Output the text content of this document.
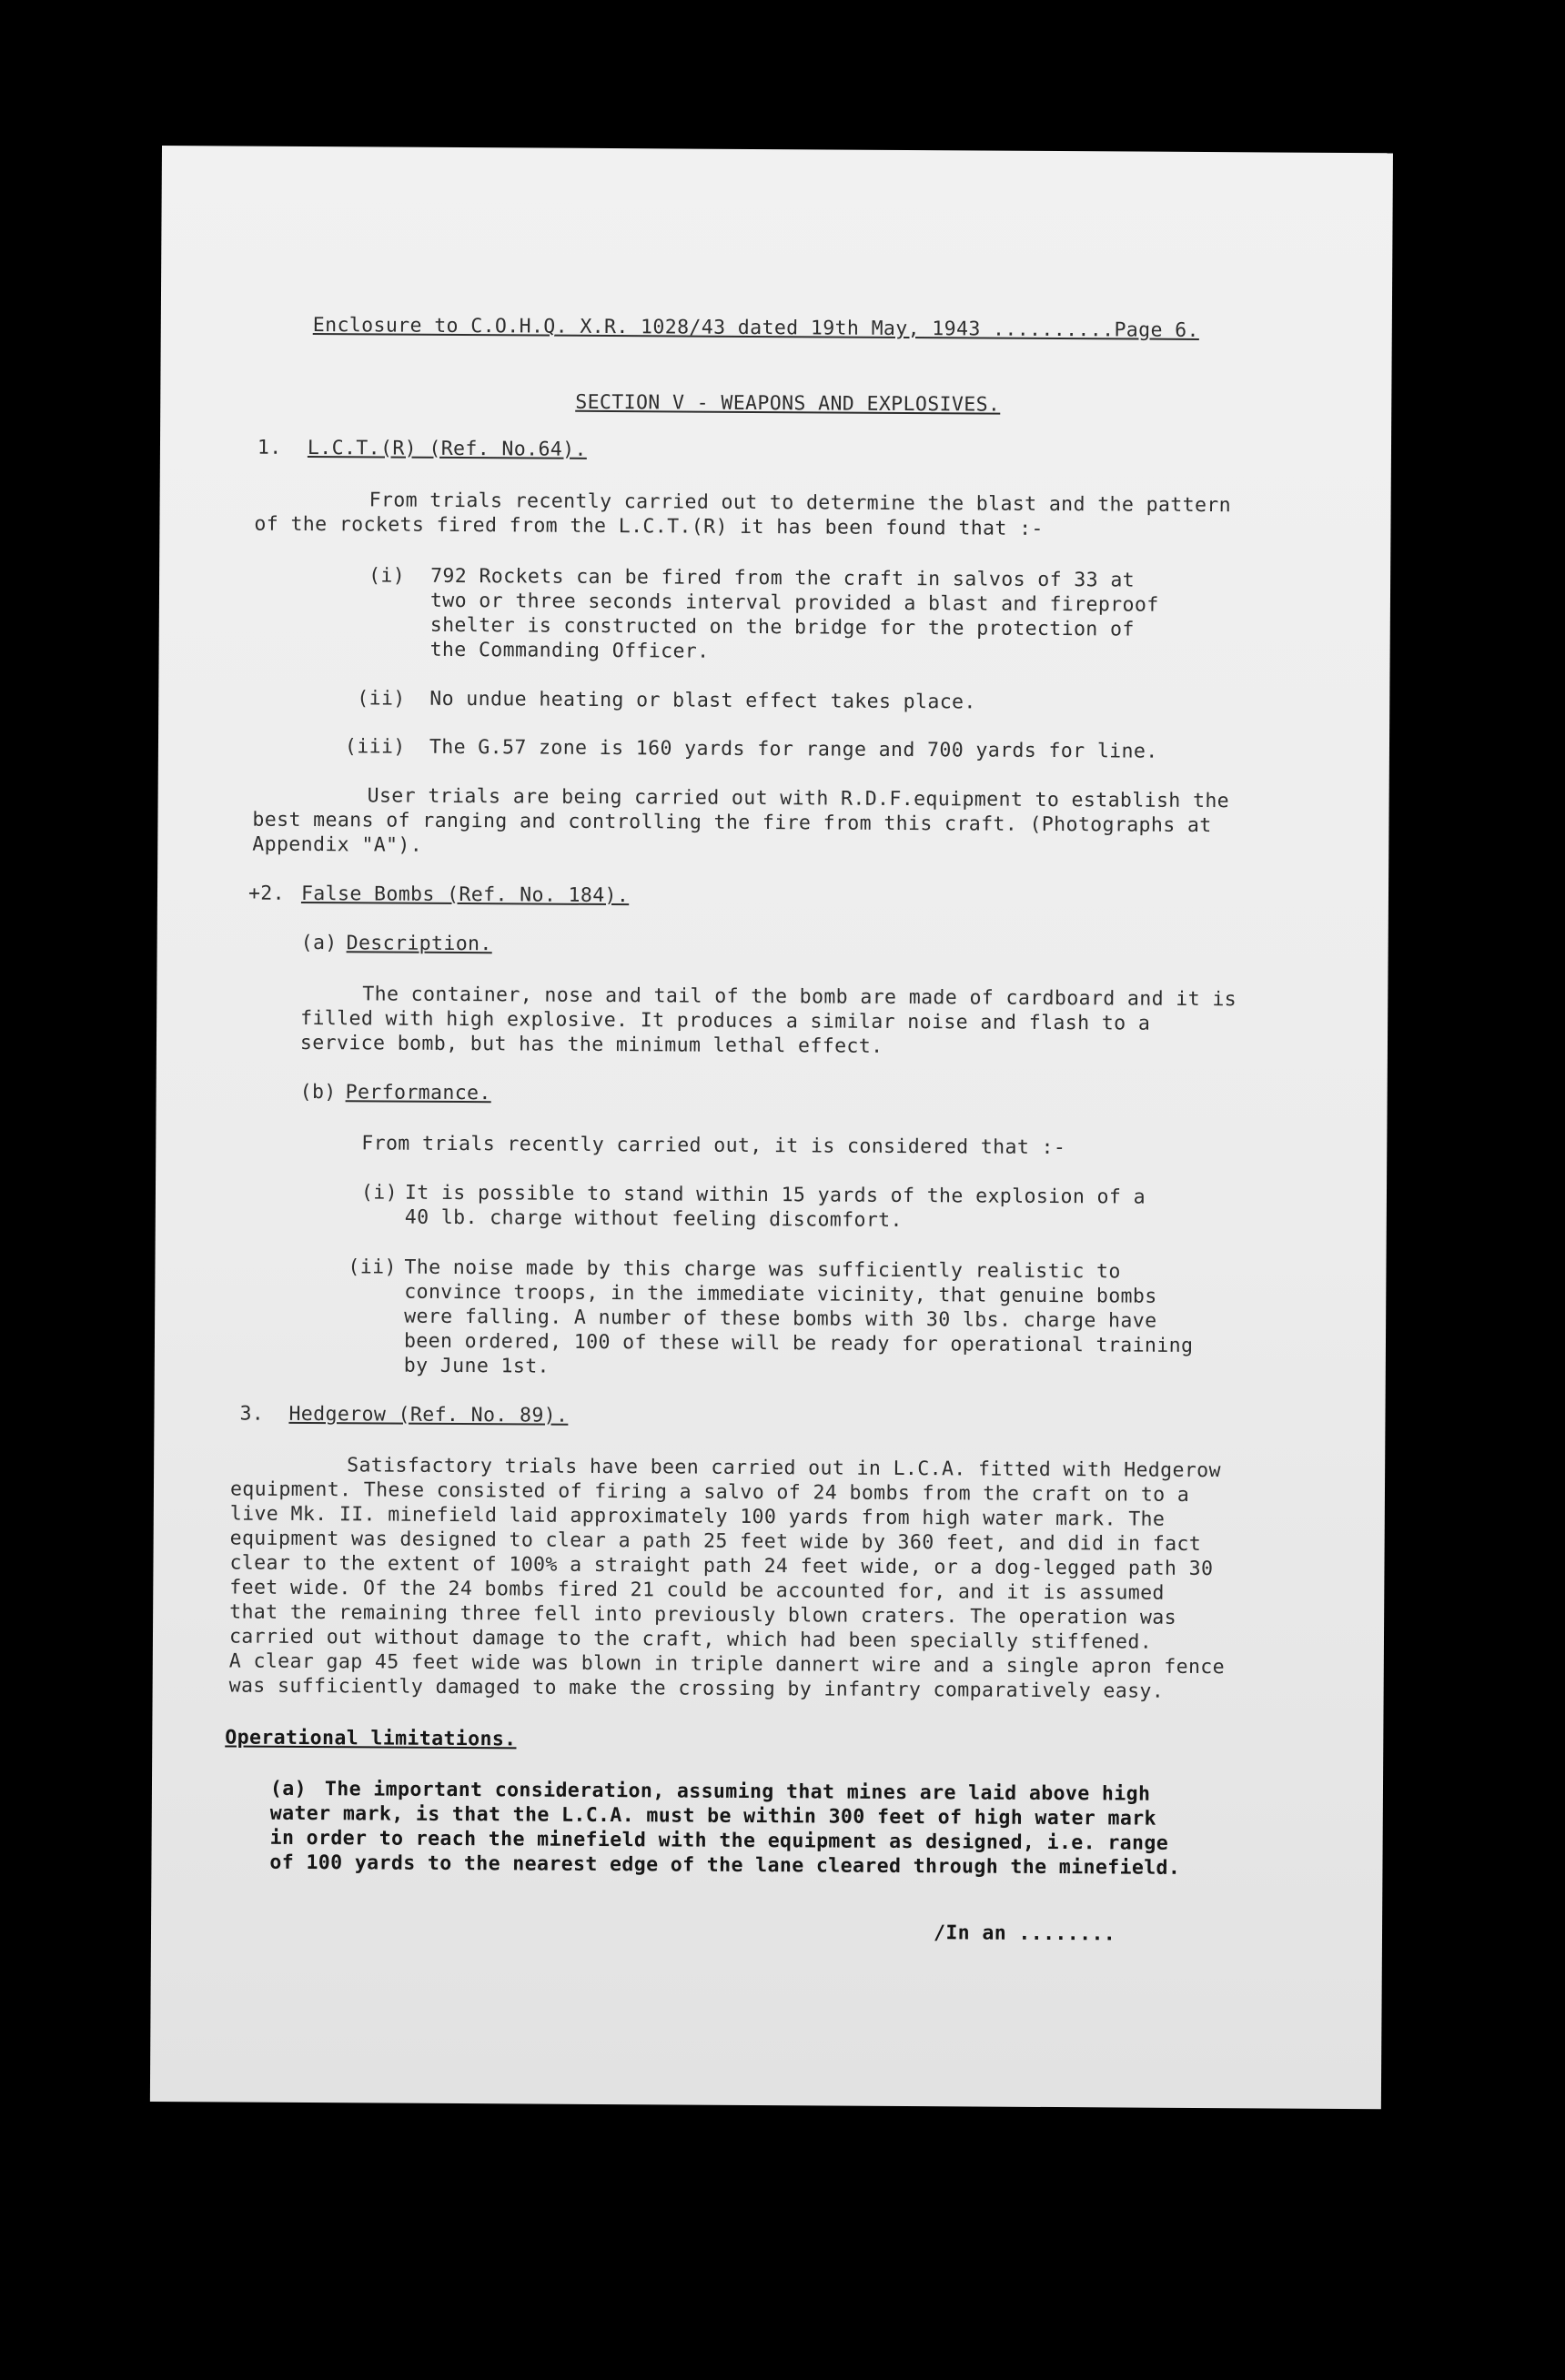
Enclosure to C.O.H.Q. X.R. 1028/43 dated 19th May, 1943 ..........Page 6.
SECTION V - WEAPONS AND EXPLOSIVES.
1. L.C.T.(R) (Ref. No.64).
From trials recently carried out to determine the blast and the pattern
of the rockets fired from the L.C.T.(R) it has been found that :-
(i) 792 Rockets can be fired from the craft in salvos of 33 at
two or three seconds interval provided a blast and fireproof
shelter is constructed on the bridge for the protection of
the Commanding Officer.
(ii) No undue heating or blast effect takes place.
(iii) The G.57 zone is 160 yards for range and 700 yards for line.
User trials are being carried out with R.D.F.equipment to establish the
best means of ranging and controlling the fire from this craft. (Photographs at
Appendix "A").
+2. False Bombs (Ref. No. 184).
(a) Description.
The container, nose and tail of the bomb are made of cardboard and it is
filled with high explosive. It produces a similar noise and flash to a
service bomb, but has the minimum lethal effect.
(b) Performance.
From trials recently carried out, it is considered that :-
(i) It is possible to stand within 15 yards of the explosion of a
40 lb. charge without feeling discomfort.
(ii) The noise made by this charge was sufficiently realistic to
convince troops, in the immediate vicinity, that genuine bombs
were falling. A number of these bombs with 30 lbs. charge have
been ordered, 100 of these will be ready for operational training
by June 1st.
3. Hedgerow (Ref. No. 89).
Satisfactory trials have been carried out in L.C.A. fitted with Hedgerow
equipment. These consisted of firing a salvo of 24 bombs from the craft on to a
live Mk. II. minefield laid approximately 100 yards from high water mark. The
equipment was designed to clear a path 25 feet wide by 360 feet, and did in fact
clear to the extent of 100% a straight path 24 feet wide, or a dog-legged path 30
feet wide. Of the 24 bombs fired 21 could be accounted for, and it is assumed
that the remaining three fell into previously blown craters. The operation was
carried out without damage to the craft, which had been specially stiffened.
A clear gap 45 feet wide was blown in triple dannert wire and a single apron fence
was sufficiently damaged to make the crossing by infantry comparatively easy.
Operational limitations.
(a) The important consideration, assuming that mines are laid above high
water mark, is that the L.C.A. must be within 300 feet of high water mark
in order to reach the minefield with the equipment as designed, i.e. range
of 100 yards to the nearest edge of the lane cleared through the minefield.
/In an ........
